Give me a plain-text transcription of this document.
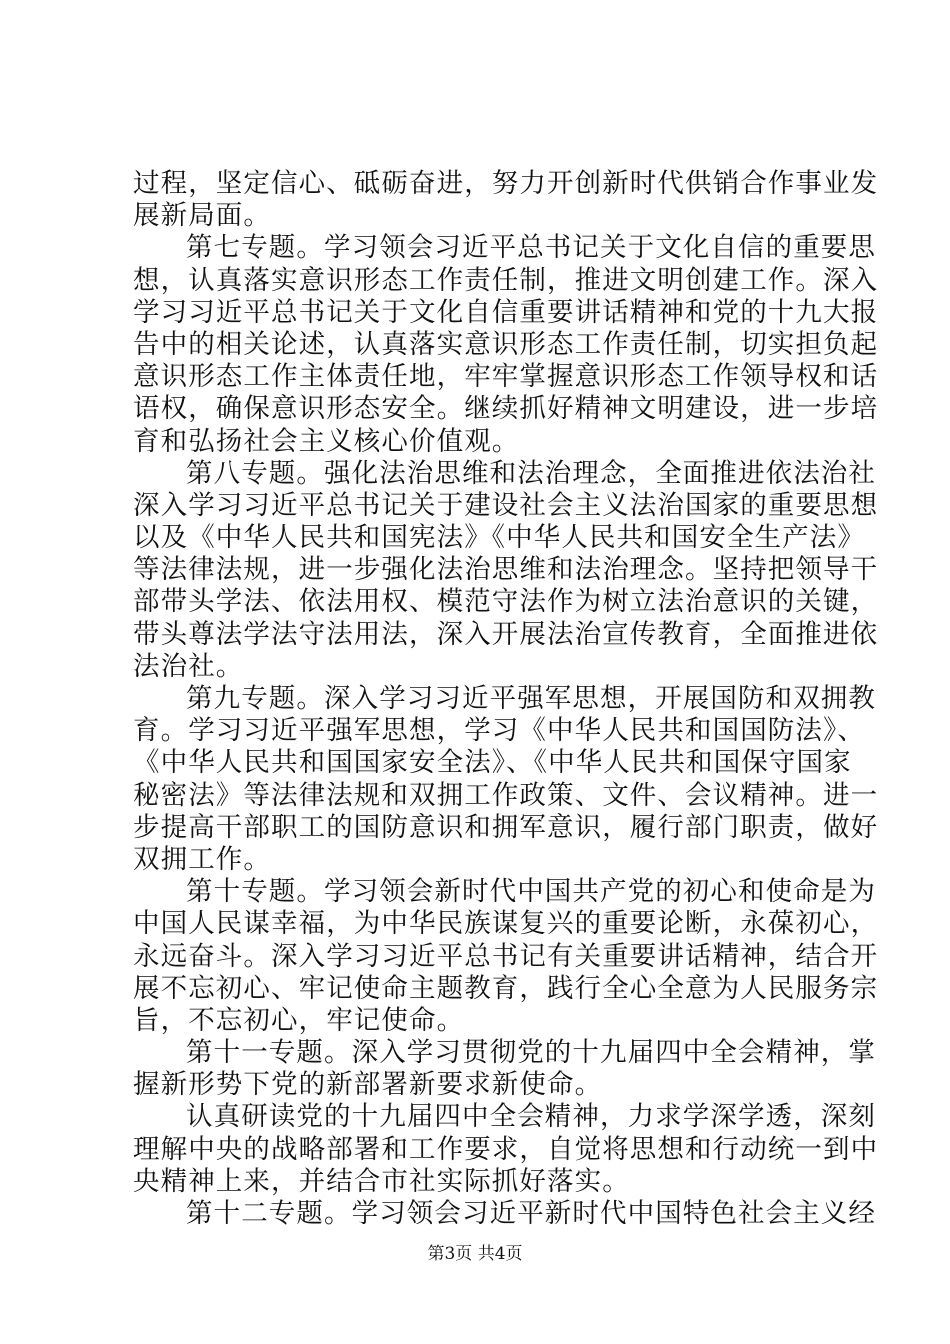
过程，坚定信心、砥砺奋进，努力开创新时代供销合作事业发
展新局面。
第七专题。学习领会习近平总书记关于文化自信的重要思
想，认真落实意识形态工作责任制，推进文明创建工作。深入
学习习近平总书记关于文化自信重要讲话精神和党的十九大报
告中的相关论述，认真落实意识形态工作责任制，切实担负起
意识形态工作主体责任地，牢牢掌握意识形态工作领导权和话
语权，确保意识形态安全。继续抓好精神文明建设，进一步培
育和弘扬社会主义核心价值观。
第八专题。强化法治思维和法治理念，全面推进依法治社
深入学习习近平总书记关于建设社会主义法治国家的重要思想
以及《中华人民共和国宪法》《中华人民共和国安全生产法》
等法律法规，进一步强化法治思维和法治理念。坚持把领导干
部带头学法、依法用权、模范守法作为树立法治意识的关键，
带头尊法学法守法用法，深入开展法治宣传教育，全面推进依
法治社。
第九专题。深入学习习近平强军思想，开展国防和双拥教
育。学习习近平强军思想，学习《中华人民共和国国防法》、
《中华人民共和国国家安全法》、《中华人民共和国保守国家
秘密法》等法律法规和双拥工作政策、文件、会议精神。进一
步提高干部职工的国防意识和拥军意识，履行部门职责，做好
双拥工作。
第十专题。学习领会新时代中国共产党的初心和使命是为
中国人民谋幸福，为中华民族谋复兴的重要论断，永葆初心，
永远奋斗。深入学习习近平总书记有关重要讲话精神，结合开
展不忘初心、牢记使命主题教育，践行全心全意为人民服务宗
旨，不忘初心，牢记使命。
第十一专题。深入学习贯彻党的十九届四中全会精神，掌
握新形势下党的新部署新要求新使命。
认真研读党的十九届四中全会精神，力求学深学透，深刻
理解中央的战略部署和工作要求，自觉将思想和行动统一到中
央精神上来，并结合市社实际抓好落实。
第十二专题。学习领会习近平新时代中国特色社会主义经
第3页 共4页
